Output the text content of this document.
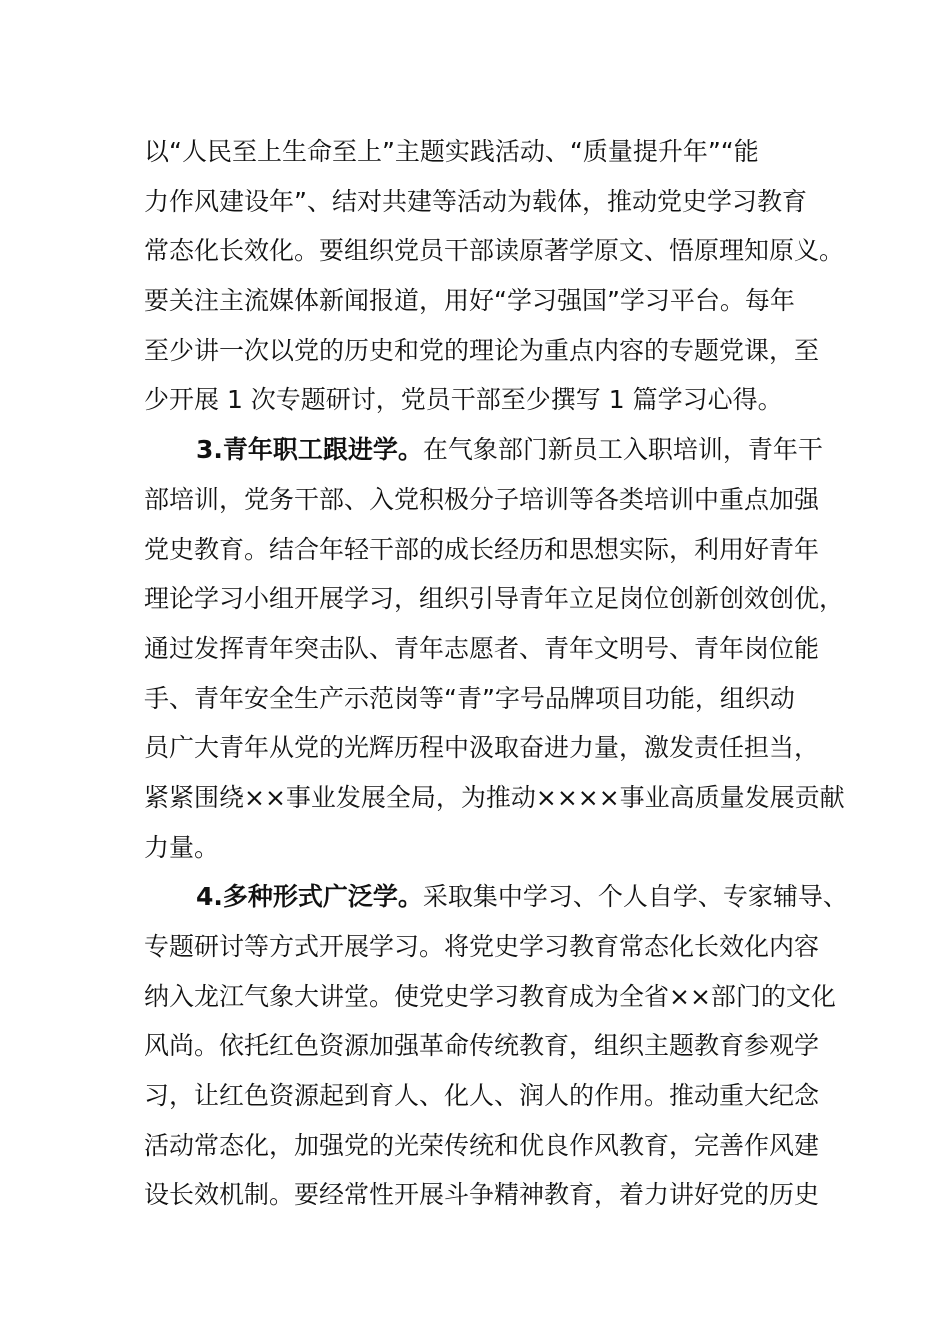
以“人民至上生命至上”主题实践活动、“质量提升年”“能
力作风建设年”、结对共建等活动为载体，推动党史学习教育
常态化长效化。要组织党员干部读原著学原文、悟原理知原义。
要关注主流媒体新闻报道，用好“学习强国”学习平台。每年
至少讲一次以党的历史和党的理论为重点内容的专题党课，至
少开展 1 次专题研讨，党员干部至少撰写 1 篇学习心得。
3.青年职工跟进学。在气象部门新员工入职培训，青年干
部培训，党务干部、入党积极分子培训等各类培训中重点加强
党史教育。结合年轻干部的成长经历和思想实际，利用好青年
理论学习小组开展学习，组织引导青年立足岗位创新创效创优，
通过发挥青年突击队、青年志愿者、青年文明号、青年岗位能
手、青年安全生产示范岗等“青”字号品牌项目功能，组织动
员广大青年从党的光辉历程中汲取奋进力量，激发责任担当，
紧紧围绕××事业发展全局，为推动××××事业高质量发展贡献
力量。
4.多种形式广泛学。采取集中学习、个人自学、专家辅导、
专题研讨等方式开展学习。将党史学习教育常态化长效化内容
纳入龙江气象大讲堂。使党史学习教育成为全省××部门的文化
风尚。依托红色资源加强革命传统教育，组织主题教育参观学
习，让红色资源起到育人、化人、润人的作用。推动重大纪念
活动常态化，加强党的光荣传统和优良作风教育，完善作风建
设长效机制。要经常性开展斗争精神教育，着力讲好党的历史
